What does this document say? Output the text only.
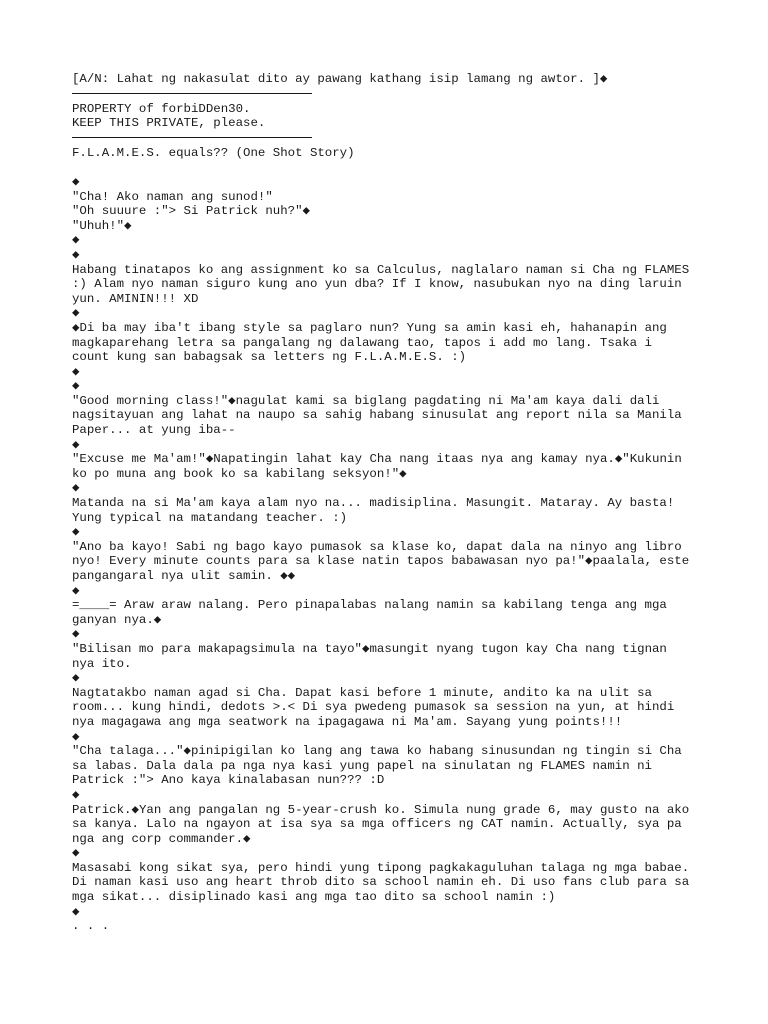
[A/N: Lahat ng nakasulat dito ay pawang kathang isip lamang ng awtor. ]◆
PROPERTY of forbiDDen30.
KEEP THIS PRIVATE, please.
F.L.A.M.E.S. equals?? (One Shot Story)
◆
"Cha! Ako naman ang sunod!"
"Oh suuure :"> Si Patrick nuh?"◆
"Uhuh!"◆
◆
◆
Habang tinatapos ko ang assignment ko sa Calculus, naglalaro naman si Cha ng FLAMES
:) Alam nyo naman siguro kung ano yun dba? If I know, nasubukan nyo na ding laruin
yun. AMININ!!! XD
◆
◆Di ba may iba't ibang style sa paglaro nun? Yung sa amin kasi eh, hahanapin ang
magkaparehang letra sa pangalang ng dalawang tao, tapos i add mo lang. Tsaka i
count kung san babagsak sa letters ng F.L.A.M.E.S. :)
◆
◆
"Good morning class!"◆nagulat kami sa biglang pagdating ni Ma'am kaya dali dali
nagsitayuan ang lahat na naupo sa sahig habang sinusulat ang report nila sa Manila
Paper... at yung iba--
◆
"Excuse me Ma'am!"◆Napatingin lahat kay Cha nang itaas nya ang kamay nya.◆"Kukunin
ko po muna ang book ko sa kabilang seksyon!"◆
◆
Matanda na si Ma'am kaya alam nyo na... madisiplina. Masungit. Mataray. Ay basta!
Yung typical na matandang teacher. :)
◆
"Ano ba kayo! Sabi ng bago kayo pumasok sa klase ko, dapat dala na ninyo ang libro
nyo! Every minute counts para sa klase natin tapos babawasan nyo pa!"◆paalala, este
pangangaral nya ulit samin. ◆◆
◆
=____= Araw araw nalang. Pero pinapalabas nalang namin sa kabilang tenga ang mga
ganyan nya.◆
◆
"Bilisan mo para makapagsimula na tayo"◆masungit nyang tugon kay Cha nang tignan
nya ito.
◆
Nagtatakbo naman agad si Cha. Dapat kasi before 1 minute, andito ka na ulit sa
room... kung hindi, dedots >.< Di sya pwedeng pumasok sa session na yun, at hindi
nya magagawa ang mga seatwork na ipagagawa ni Ma'am. Sayang yung points!!!
◆
"Cha talaga..."◆pinipigilan ko lang ang tawa ko habang sinusundan ng tingin si Cha
sa labas. Dala dala pa nga nya kasi yung papel na sinulatan ng FLAMES namin ni
Patrick :"> Ano kaya kinalabasan nun??? :D
◆
Patrick.◆Yan ang pangalan ng 5-year-crush ko. Simula nung grade 6, may gusto na ako
sa kanya. Lalo na ngayon at isa sya sa mga officers ng CAT namin. Actually, sya pa
nga ang corp commander.◆
◆
Masasabi kong sikat sya, pero hindi yung tipong pagkakaguluhan talaga ng mga babae.
Di naman kasi uso ang heart throb dito sa school namin eh. Di uso fans club para sa
mga sikat... disiplinado kasi ang mga tao dito sa school namin :)
◆
. . .
